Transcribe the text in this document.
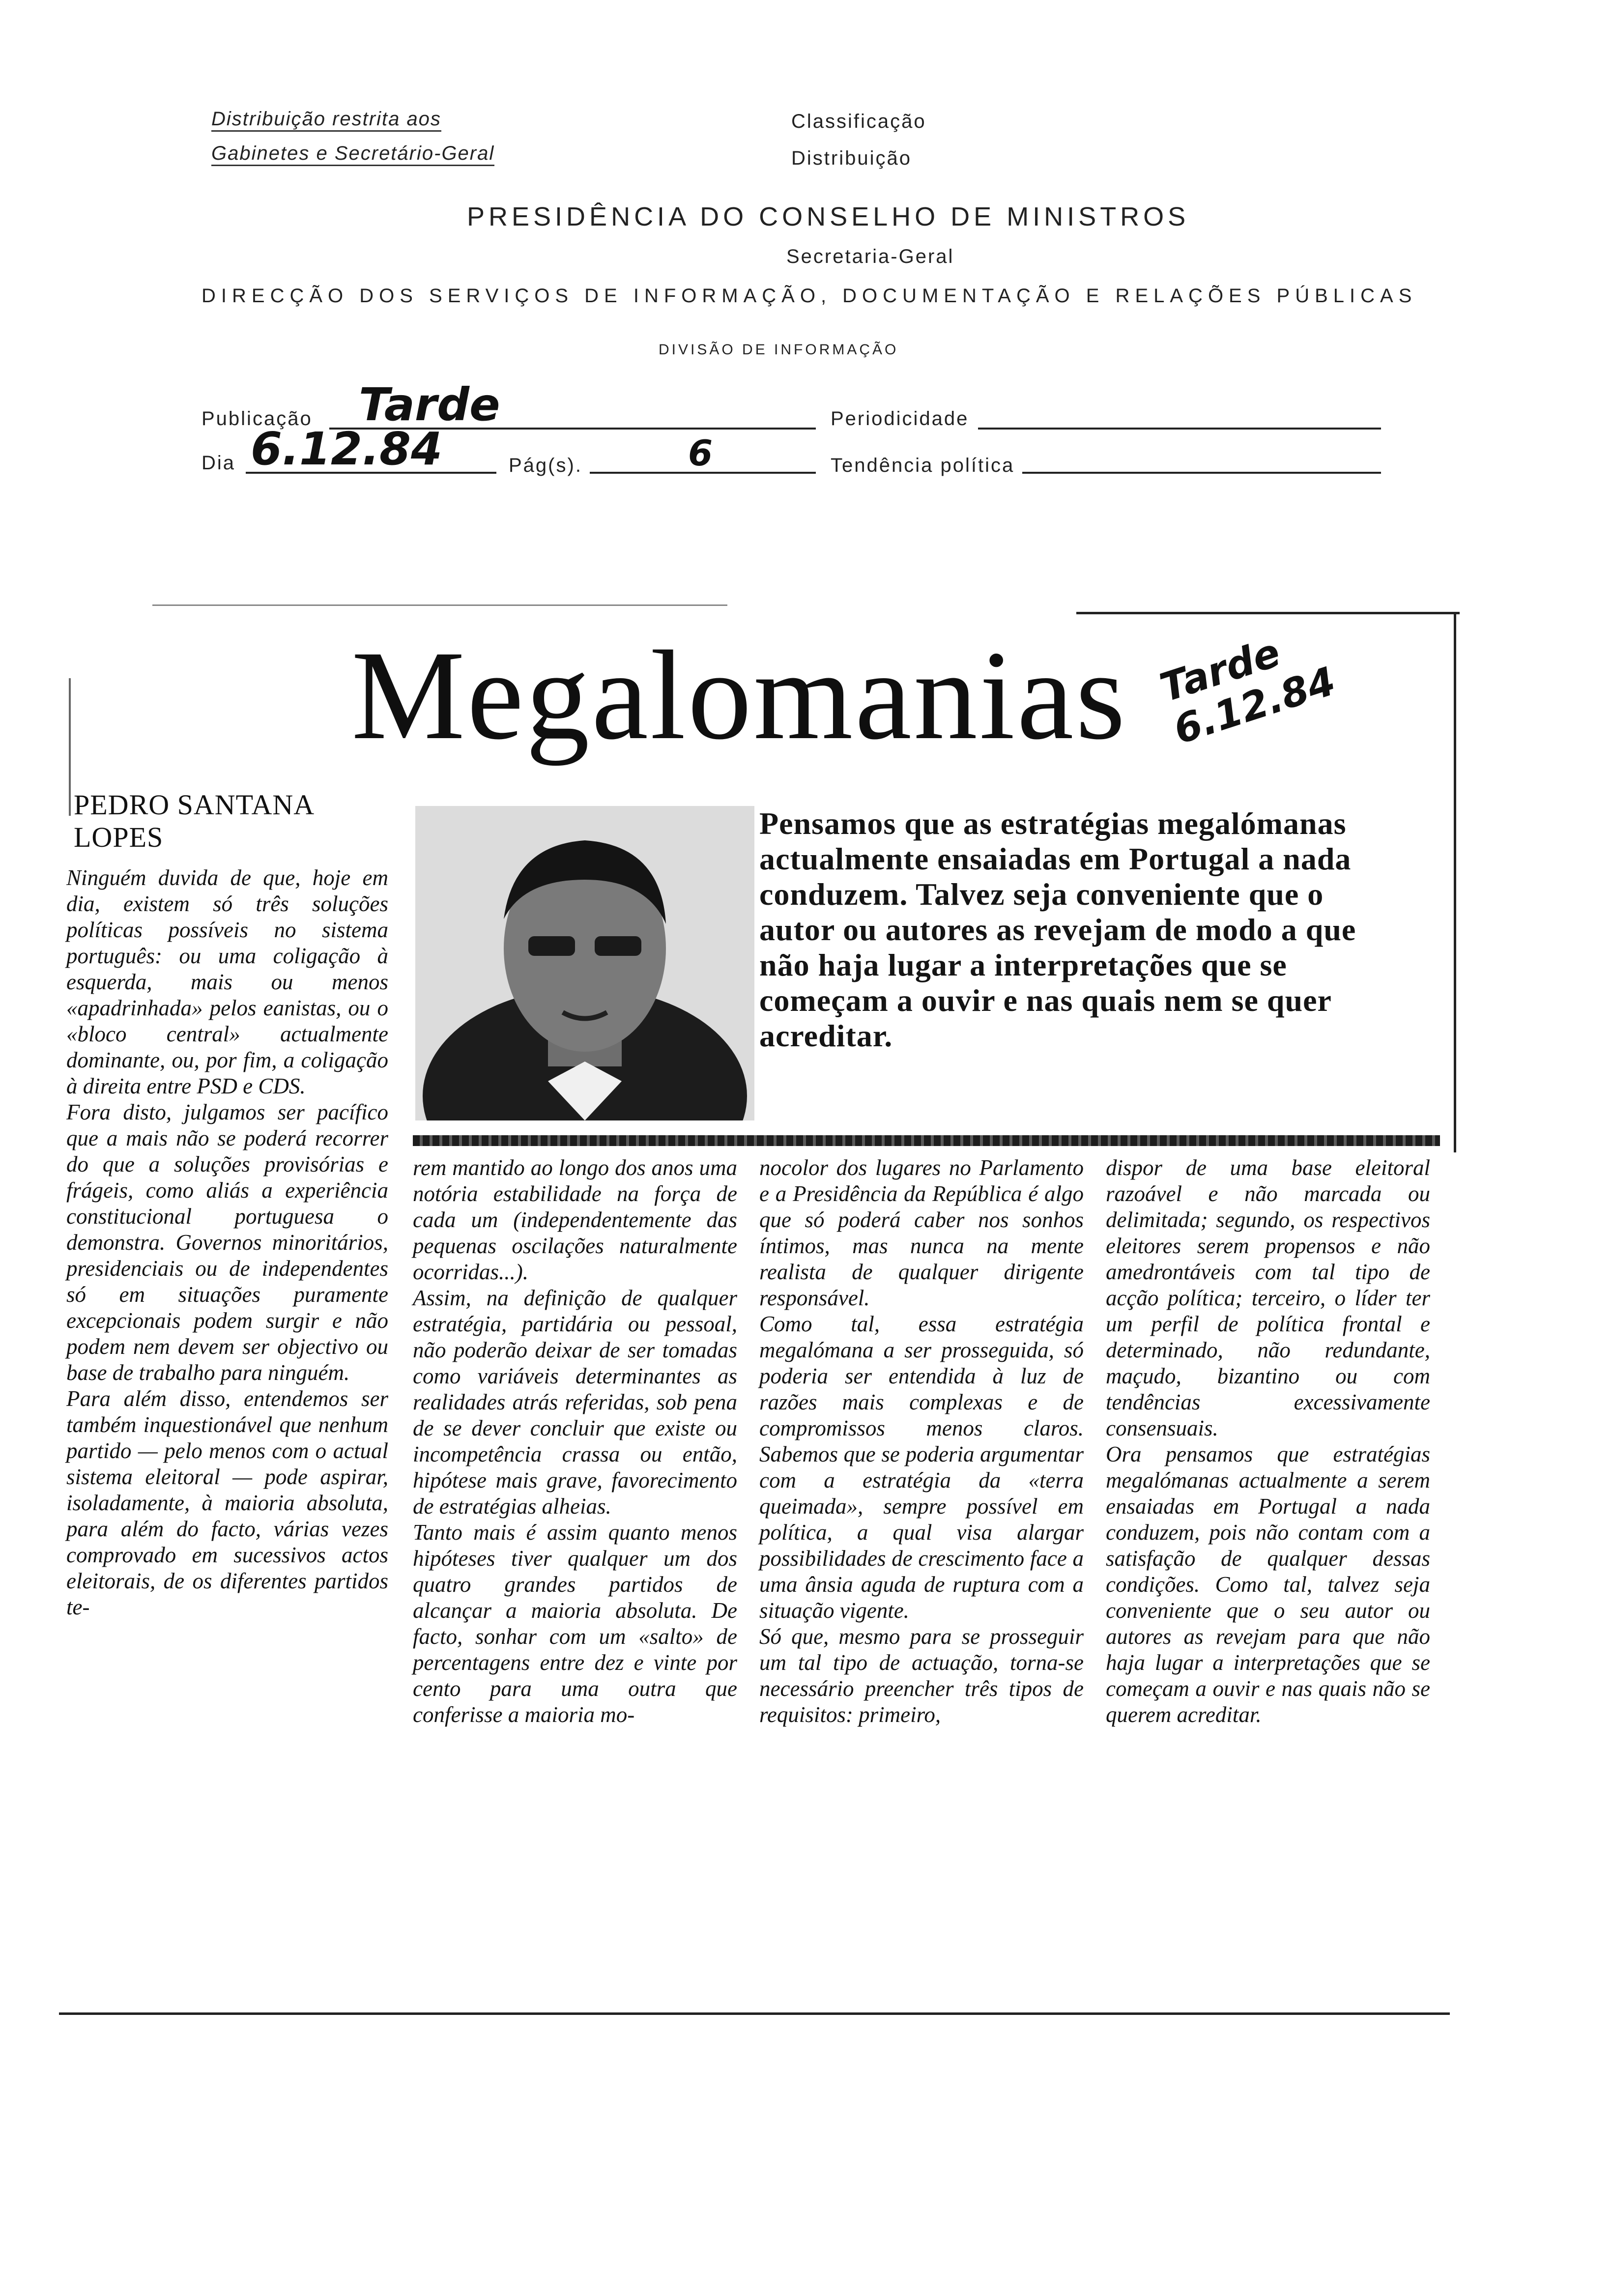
Distribuição restrita aos
Gabinetes e Secretário-Geral
Classificação
Distribuição
PRESIDÊNCIA DO CONSELHO DE MINISTROS
Secretaria-Geral
DIRECÇÃO DOS SERVIÇOS DE INFORMAÇÃO, DOCUMENTAÇÃO E RELAÇÕES PÚBLICAS
DIVISÃO DE INFORMAÇÃO
Publicação Tarde	Periodicidade
Dia 6.12.84	Pág(s).	6	Tendência política
Megalomanias Tarde 6.12.84
PEDRO SANTANA LOPES	Pensamos que as estratégias megalómanas actualmente ensaiadas em Portugal a nada conduzem. Talvez seja conveniente que o autor ou autores as revejam de modo a que não haja lugar a interpretações que se começam a ouvir e nas quais nem se quer acreditar.
Ninguém duvida de que, hoje em dia, existem só três soluções políticas possíveis no sistema português: ou uma coligação à esquerda, mais ou menos «apadrinhada» pelos eanistas, ou o «bloco central» actualmente dominante, ou, por fim, a coligação à direita entre PSD e CDS.
Fora disto, julgamos ser pacífico que a mais não se poderá recorrer do que a soluções provisórias e frágeis, como aliás a experiência constitucional portuguesa o demonstra. Governos minoritários, presidenciais ou de independentes só em situações puramente excepcionais podem surgir e não podem nem devem ser objectivo ou base de trabalho para ninguém.
Para além disso, entendemos ser também inquestionável que nenhum partido — pelo menos com o actual sistema eleitoral — pode aspirar, isoladamente, à maioria absoluta, para além do facto, várias vezes comprovado em sucessivos actos eleitorais, de os diferentes partidos te-
rem mantido ao longo dos anos uma notória estabilidade na força de cada um (independentemente das pequenas oscilações naturalmente ocorridas...).
Assim, na definição de qualquer estratégia, partidária ou pessoal, não poderão deixar de ser tomadas como variáveis determinantes as realidades atrás referidas, sob pena de se dever concluir que existe ou incompetência crassa ou então, hipótese mais grave, favorecimento de estratégias alheias.
Tanto mais é assim quanto menos hipóteses tiver qualquer um dos quatro grandes partidos de alcançar a maioria absoluta. De facto, sonhar com um «salto» de percentagens entre dez e vinte por cento para uma outra que conferisse a maioria mo-
nocolor dos lugares no Parlamento e a Presidência da República é algo que só poderá caber nos sonhos íntimos, mas nunca na mente realista de qualquer dirigente responsável.
Como tal, essa estratégia megalómana a ser prosseguida, só poderia ser entendida à luz de razões mais complexas e de compromissos menos claros. Sabemos que se poderia argumentar com a estratégia da «terra queimada», sempre possível em política, a qual visa alargar possibilidades de crescimento face a uma ânsia aguda de ruptura com a situação vigente.
Só que, mesmo para se prosseguir um tal tipo de actuação, torna-se necessário preencher três tipos de requisitos: primeiro,
dispor de uma base eleitoral razoável e não marcada ou delimitada; segundo, os respectivos eleitores serem propensos e não amedrontáveis com tal tipo de acção política; terceiro, o líder ter um perfil de política frontal e determinado, não redundante, maçudo, bizantino ou com tendências excessivamente consensuais.
Ora pensamos que estratégias megalómanas actualmente a serem ensaiadas em Portugal a nada conduzem, pois não contam com a satisfação de qualquer dessas condições. Como tal, talvez seja conveniente que o seu autor ou autores as revejam para que não haja lugar a interpretações que se começam a ouvir e nas quais não se querem acreditar.
